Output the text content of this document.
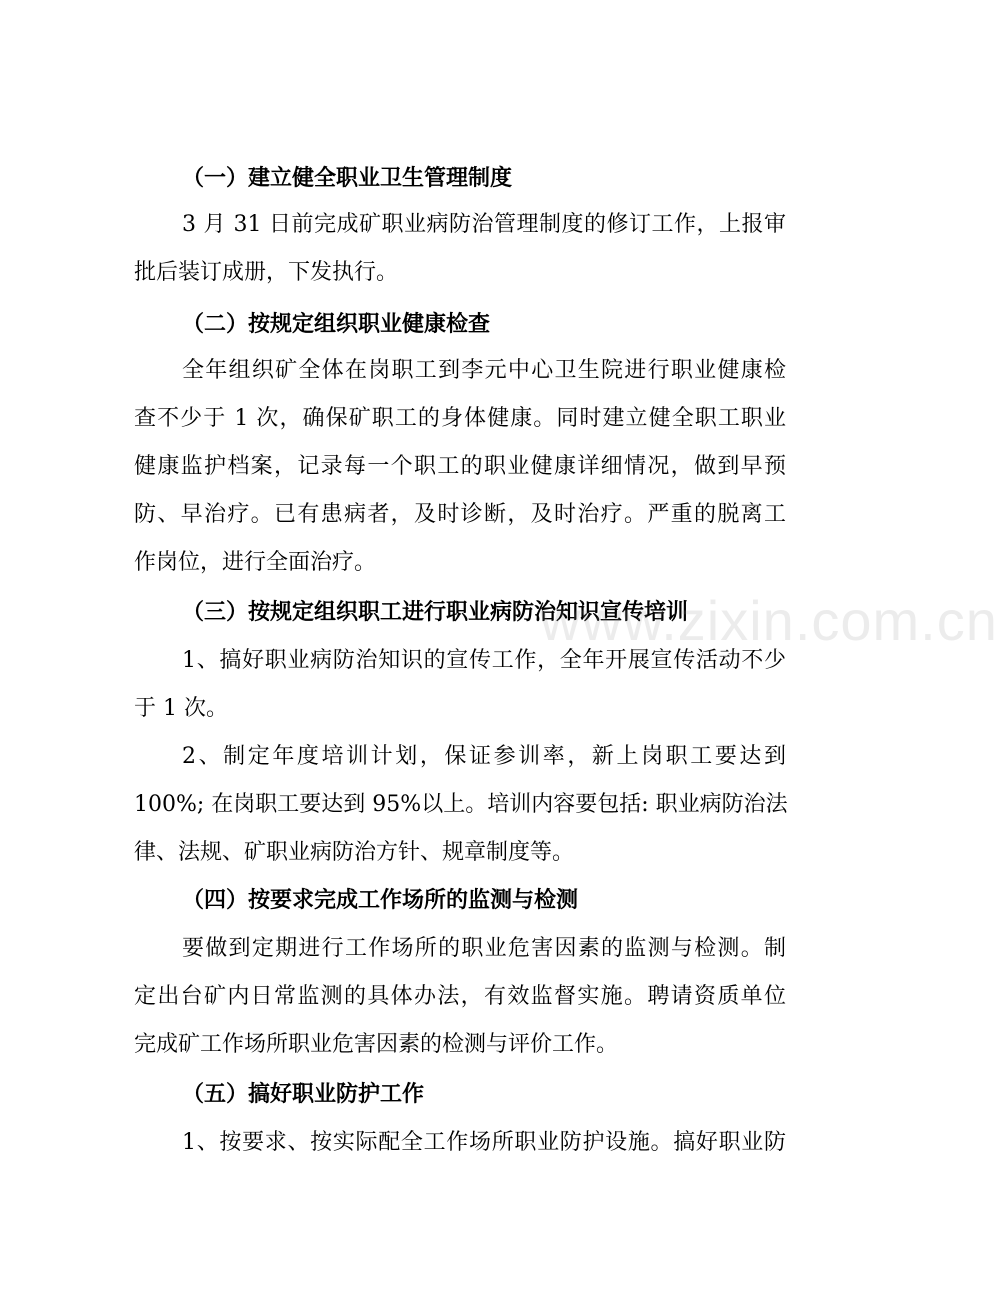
（一）建立健全职业卫生管理制度
3 月 31 日前完成矿职业病防治管理制度的修订工作，上报审
批后装订成册，下发执行。
（二）按规定组织职业健康检查
全年组织矿全体在岗职工到李元中心卫生院进行职业健康检
查不少于 1 次，确保矿职工的身体健康。同时建立健全职工职业
健康监护档案，记录每一个职工的职业健康详细情况，做到早预
防、早治疗。已有患病者，及时诊断，及时治疗。严重的脱离工
作岗位，进行全面治疗。
（三）按规定组织职工进行职业病防治知识宣传培训
1、搞好职业病防治知识的宣传工作，全年开展宣传活动不少
于 1 次。
2、制定年度培训计划，保证参训率，新上岗职工要达到
100%; 在岗职工要达到 95%以上。培训内容要包括: 职业病防治法
律、法规、矿职业病防治方针、规章制度等。
（四）按要求完成工作场所的监测与检测
要做到定期进行工作场所的职业危害因素的监测与检测。制
定出台矿内日常监测的具体办法，有效监督实施。聘请资质单位
完成矿工作场所职业危害因素的检测与评价工作。
（五）搞好职业防护工作
1、按要求、按实际配全工作场所职业防护设施。搞好职业防
www.zixin.com.cn
